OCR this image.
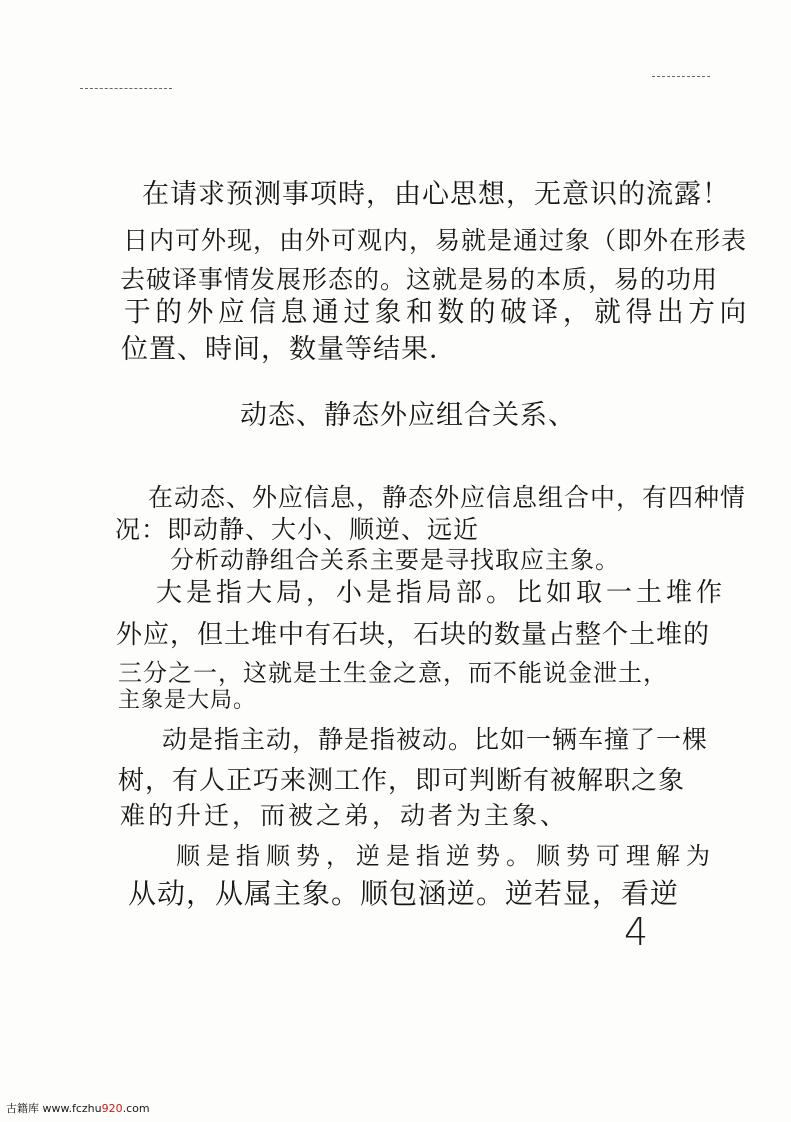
在请求预测事项時，由心思想，无意识的流露！
日内可外现，由外可观内，易就是通过象（即外在形表
去破译事情发展形态的。这就是易的本质，易的功用
于的外应信息通过象和数的破译，就得出方向
位置、時间，数量等结果．
动态、静态外应组合关系、
在动态、外应信息，静态外应信息组合中，有四种情
况：即动静、大小、顺逆、远近
分析动静组合关系主要是寻找取应主象。
大是指大局，小是指局部。比如取一土堆作
外应，但土堆中有石块，石块的数量占整个土堆的
三分之一，这就是土生金之意，而不能说金泄土，
主象是大局。
动是指主动，静是指被动。比如一辆车撞了一棵
树，有人正巧来测工作，即可判断有被解职之象
难的升迁，而被之弟，动者为主象、
顺是指顺势，逆是指逆势。顺势可理解为
从动，从属主象。顺包涵逆。逆若显，看逆
4
古籍库 www.fczhu920.com
